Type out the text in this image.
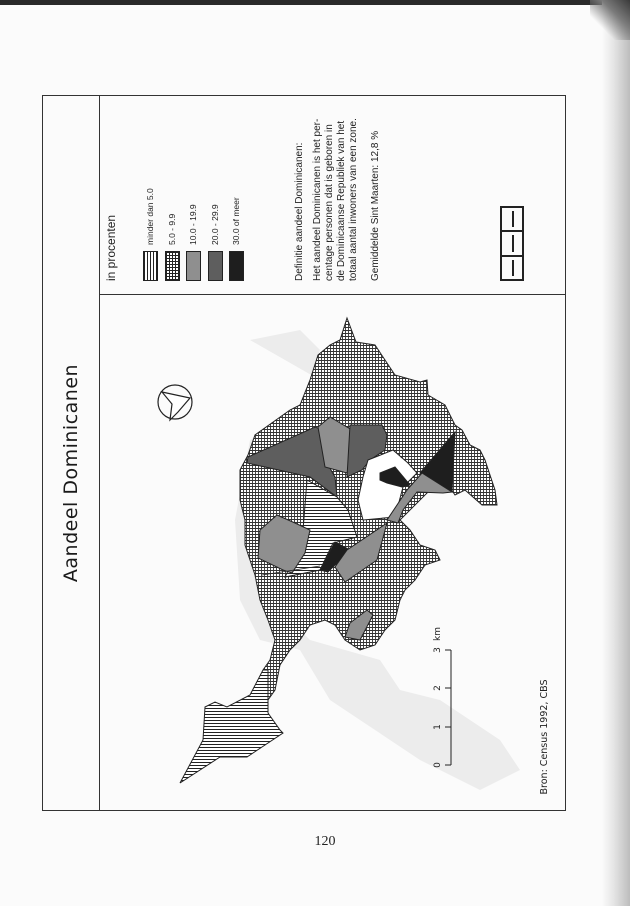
Aandeel Dominicanen
in procenten	minder dan 5.0 5.0 - 9.9 10.0 - 19.9 20.0 - 29.9 30.0 of meer	Definitie aandeel Dominicanen: Het aandeel Dominicanen is het per- centage personen dat is geboren in de Dominicaanse Republiek van het totaal aantal inwoners van een zone. Gemiddelde Sint Maarten: 12,8 %
0
1
2
3
km
Bron: Census 1992, CBS
120
